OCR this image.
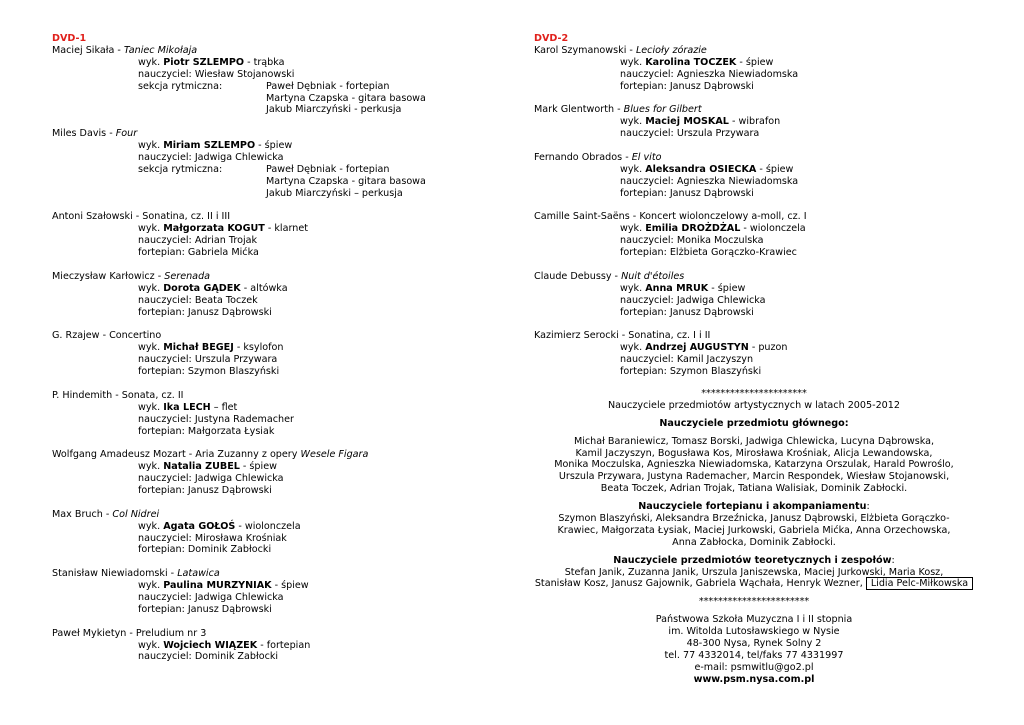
DVD-1
Maciej Sikała - Taniec Mikołaja
wyk. Piotr SZLEMPO - trąbka
nauczyciel: Wiesław Stojanowski
sekcja rytmiczna:	Paweł Dębniak - fortepian
Martyna Czapska - gitara basowa
Jakub Miarczyński - perkusja
Miles Davis - Four
wyk. Miriam SZLEMPO - śpiew
nauczyciel: Jadwiga Chlewicka
sekcja rytmiczna:	Paweł Dębniak - fortepian
Martyna Czapska - gitara basowa
Jakub Miarczyński – perkusja
Antoni Szałowski - Sonatina, cz. II i III
wyk. Małgorzata KOGUT - klarnet
nauczyciel: Adrian Trojak
fortepian: Gabriela Mićka
Mieczysław Karłowicz - Serenada
wyk. Dorota GĄDEK - altówka
nauczyciel: Beata Toczek
fortepian: Janusz Dąbrowski
G. Rzajew - Concertino
wyk. Michał BEGEJ - ksylofon
nauczyciel: Urszula Przywara
fortepian: Szymon Blaszyński
P. Hindemith - Sonata, cz. II
wyk. Ika LECH – flet
nauczyciel: Justyna Rademacher
fortepian: Małgorzata Łysiak
Wolfgang Amadeusz Mozart - Aria Zuzanny z opery Wesele Figara
wyk. Natalia ZUBEL - śpiew
nauczyciel: Jadwiga Chlewicka
fortepian: Janusz Dąbrowski
Max Bruch - Col Nidrei
wyk. Agata GOŁOŚ - wiolonczela
nauczyciel: Mirosława Krośniak
fortepian: Dominik Zabłocki
Stanisław Niewiadomski - Latawica
wyk. Paulina MURZYNIAK - śpiew
nauczyciel: Jadwiga Chlewicka
fortepian: Janusz Dąbrowski
Paweł Mykietyn - Preludium nr 3
wyk. Wojciech WIĄZEK - fortepian
nauczyciel: Dominik Zabłocki
DVD-2
Karol Szymanowski - Lecioły zórazie
wyk. Karolina TOCZEK - śpiew
nauczyciel: Agnieszka Niewiadomska
fortepian: Janusz Dąbrowski
Mark Glentworth - Blues for Gilbert
wyk. Maciej MOSKAL - wibrafon
nauczyciel: Urszula Przywara
Fernando Obrados - El vito
wyk. Aleksandra OSIECKA - śpiew
nauczyciel: Agnieszka Niewiadomska
fortepian: Janusz Dąbrowski
Camille Saint-Saëns - Koncert wiolonczelowy a-moll, cz. I
wyk. Emilia DROŻDŻAL - wiolonczela
nauczyciel: Monika Moczulska
fortepian: Elżbieta Gorączko-Krawiec
Claude Debussy - Nuit d'étoiles
wyk. Anna MRUK - śpiew
nauczyciel: Jadwiga Chlewicka
fortepian: Janusz Dąbrowski
Kazimierz Serocki - Sonatina, cz. I i II
wyk. Andrzej AUGUSTYN - puzon
nauczyciel: Kamil Jaczyszyn
fortepian: Szymon Blaszyński
**********************
Nauczyciele przedmiotów artystycznych w latach 2005-2012
Nauczyciele przedmiotu głównego:
Michał Baraniewicz, Tomasz Borski, Jadwiga Chlewicka, Lucyna Dąbrowska,
Kamil Jaczyszyn, Bogusława Kos, Mirosława Krośniak, Alicja Lewandowska,
Monika Moczulska, Agnieszka Niewiadomska, Katarzyna Orszulak, Harald Powroślo,
Urszula Przywara, Justyna Rademacher, Marcin Respondek, Wiesław Stojanowski,
Beata Toczek, Adrian Trojak, Tatiana Walisiak, Dominik Zabłocki.
Nauczyciele fortepianu i akompaniamentu:
Szymon Blaszyński, Aleksandra Brzeźnicka, Janusz Dąbrowski, Elżbieta Gorączko-
Krawiec, Małgorzata Łysiak, Maciej Jurkowski, Gabriela Mićka, Anna Orzechowska,
Anna Zabłocka, Dominik Zabłocki.
Nauczyciele przedmiotów teoretycznych i zespołów:
Stefan Janik, Zuzanna Janik, Urszula Janiszewska, Maciej Jurkowski, Maria Kosz,
Stanisław Kosz, Janusz Gajownik, Gabriela Wąchała, Henryk Wezner, Lidia Pelc-Miłkowska
***********************
Państwowa Szkoła Muzyczna I i II stopnia
im. Witolda Lutosławskiego w Nysie
48-300 Nysa, Rynek Solny 2
tel. 77 4332014, tel/faks 77 4331997
e-mail: psmwitlu@go2.pl
www.psm.nysa.com.pl
